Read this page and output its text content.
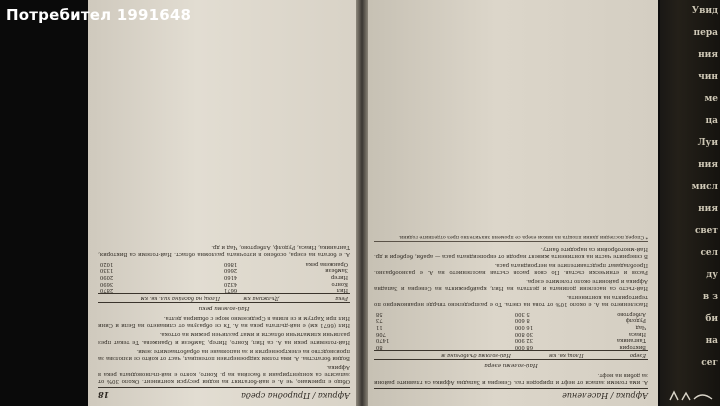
Африка / Природна среда
18

Общо е приемано, че А. е най-богатият на водни ресурси континент. Около 30% от запасите са концентрирани в басейна на р. Конго, която е най-пълноводната река в Африка.

Водни богатства. А. има голям хидроенергиен потенциал, част от който се използва за производство на електроенергия и за напояване на обработваемите земи.

Най-големите реки на А. са Нил, Конго, Нигер, Замбези и Оранжева. Те текат през различни климатични области и имат различен режим на оттока.

Нил (6671 км) е най-дългата река на А. Тя се образува от сливането на Бели и Сини Нил при Хартум и се влива в Средиземно море с обширна делта.

Най-големи реки
Река	Дължина км	Площ на басейна хил. кв. км
Нил	6671	2870
Конго	4320	3690
Нигер	4160	2090
Замбези	2660	1330
Оранжева река	1860	1020

А. е богата на езера, особено в източната разломна област. Най-големи са Виктория, Танганика, Ниаса, Рудолф, Албертово, Чад и др.

Африка / Население

А. има големи запаси от нефт и природен газ. Северна и Западна Африка са главните райони за добив на нефт.

Най-големи езера
Езеро	Площ кв. км	Най-голяма дълбочина м
Виктория	68 000	80
Танганика	32 900	1470
Ниаса	30 800	706
Чад	16 000	11
Рудолф	8 600	73
Албертово	5 300	58

Населението на А. е около 10% от това на света. То е разпределено твърде неравномерно по територията на континента.

Най-гъсто са населени долината и делтата на Нил, крайбрежията на Северна и Западна Африка и районите около големите езера.

Расов и етнически състав. По своя расов състав населението на А. е разнообразно. Преобладават представителите на негроидната раса.

В северните части на континента живеят народи от европеидната раса — араби, бербери и др. Най-многобройни са народите банту.

* Според последни данни площта на някои езера се променя значително през отделните години.
Увид
пера
ния
чин
ме
ца
Луи
ния
мисл
ния
свет
сел
ду
в з
би
на
сег
Потребител 1991648
